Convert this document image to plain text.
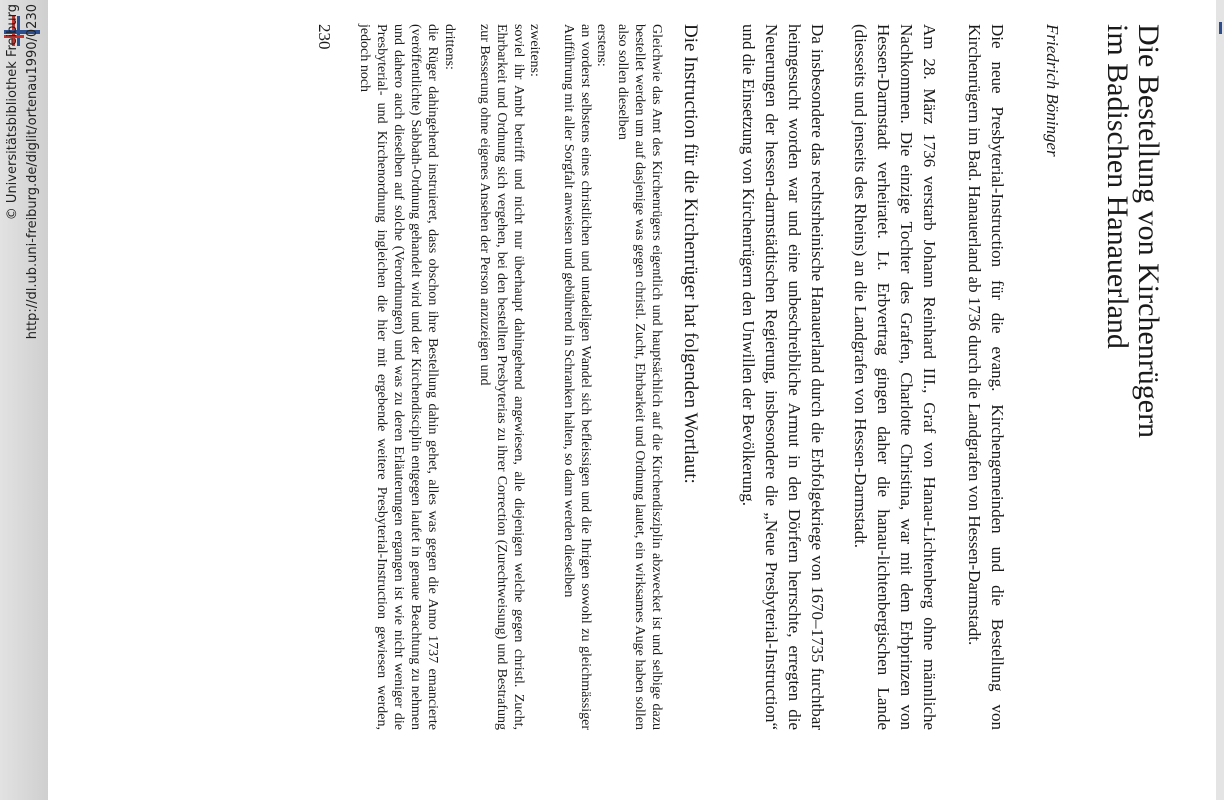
http://dl.ub.uni-freiburg.de/diglit/ortenau1990/0230
© Universitätsbibliothek Freiburg	Die Bestellung von Kirchenrügern
im Badischen Hanauerland
Friedrich Böninger
Die neue Presbyterial-Instruction für die evang. Kirchengemeinden und die Bestellung von Kirchenrügern im Bad. Hanauerland ab 1736 durch die Landgrafen von Hessen-Darmstadt.
Am 28. März 1736 verstarb Johann Reinhard III., Graf von Hanau-Lichtenberg ohne männliche Nachkommen. Die einzige Tochter des Grafen, Charlotte Christina, war mit dem Erbprinzen von Hessen-Darmstadt verheiratet. Lt. Erbvertrag gingen daher die hanau-lichtenbergischen Lande (diesseits und jenseits des Rheins) an die Landgrafen von Hessen-Darmstadt.
Da insbesondere das rechtsrheinische Hanauerland durch die Erbfolgekriege von 1670–1735 furchtbar heimgesucht worden war und eine unbeschreibliche Armut in den Dörfern herrschte, erregten die Neuerungen der hessen-darmstädtischen Regierung, insbesondere die „Neue Presbyterial-Instruction“ und die Einsetzung von Kirchenrügern den Unwillen der Bevölkerung.
Die Instruction für die Kirchenrüger hat folgenden Wortlaut:
Gleichwie das Amt des Kirchenrügers eigentlich und hauptsächlich auf die Kirchendisziplin abzwecket ist und selbige dazu bestellet werden um auf dasjenige was gegen christl. Zucht, Ehrbarkeit und Ordnung lautet, ein wirksames Auge haben sollen also sollen dieselben
erstens:
an vorderst selbstens eines christlichen und untadeligen Wandel sich befleissigen und die Ihrigen sowohl zu gleichmässiger Aufführung mit aller Sorgfalt anweisen und gebührend in Schranken halten, so dann werden dieselben
zweitens:
soviel ihr Ambt betrifft und nicht nur überhaupt dahingehend angewiesen, alle diejenigen welche gegen christl. Zucht, Ehrbarkeit und Ordnung sich vergehen, bei den bestellten Presbyterias zu ihrer Correction (Zurechtweisung) und Bestrafung zur Besserung ohne eigenes Ansehen der Person anzuzeigen und
drittens:
die Rüger dahingehend instruieret, dass obschon ihre Bestellung dahin gehet, alles was gegen die Anno 1737 emancierte (veröffentlichte) Sabbath-Ordnung gehandelt wird und der Kirchendisciplin entgegen laufet in genaue Beachtung zu nehmen und dahero auch dieselben auf solche (Verordnungen) und was zu deren Erläuterungen ergangen ist wie nicht weniger die Presbyterial- und Kirchenordnung ingleichen die hier mit ergebende weitere Presbyterial-Instruction gewiesen werden, jedoch noch
230
